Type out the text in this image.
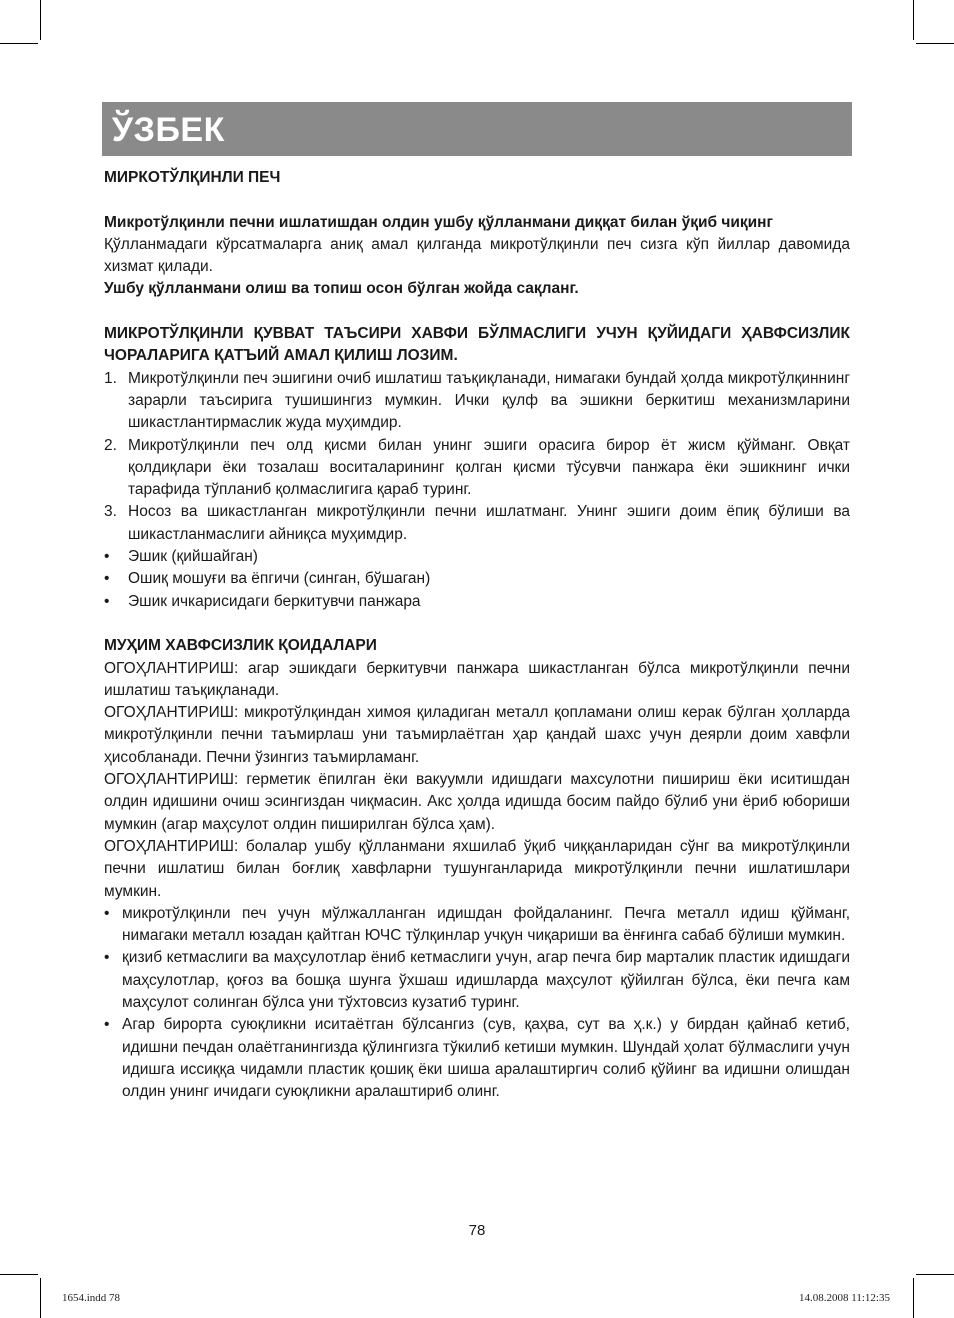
ЎЗБЕК

МИРКОТЎЛҚИНЛИ ПЕЧ

Микротўлқинли печни ишлатишдан олдин ушбу қўлланмани диққат билан ўқиб чиқинг

Қўлланмадаги кўрсатмаларга аниқ амал қилганда микротўлқинли печ сизга кўп йиллар давомида хизмат қилади.

Ушбу қўлланмани олиш ва топиш осон бўлган жойда сақланг.

МИКРОТЎЛҚИНЛИ ҚУВВАТ ТАЪСИРИ ХАВФИ БЎЛМАСЛИГИ УЧУН ҚУЙИДАГИ ҲАВФСИЗЛИК ЧОРАЛАРИГА ҚАТЪИЙ АМАЛ ҚИЛИШ ЛОЗИМ.

1. Микротўлқинли печ эшигини очиб ишлатиш таъқиқланади, нимагаки бундай ҳолда микротўлқиннинг зарарли таъсирига тушишингиз мумкин. Ички қулф ва эшикни беркитиш механизмларини шикастлантирмаслик жуда муҳимдир.
2. Микротўлқинли печ олд қисми билан унинг эшиги орасига бирор ёт жисм қўйманг. Овқат қолдиқлари ёки тозалаш воситаларининг қолган қисми тўсувчи панжара ёки эшикнинг ички тарафида тўпланиб қолмаслигига қараб туринг.
3. Носоз ва шикастланган микротўлқинли печни ишлатманг. Унинг эшиги доим ёпиқ бўлиши ва шикастланмаслиги айниқса муҳимдир.
• Эшик (қийшайган)
• Ошиқ мошуғи ва ёпгичи (синган, бўшаган)
• Эшик ичкарисидаги беркитувчи панжара

МУҲИМ ХАВФСИЗЛИК ҚОИДАЛАРИ

ОГОҲЛАНТИРИШ: агар эшикдаги беркитувчи панжара шикастланган бўлса микротўлқинли печни ишлатиш таъқиқланади.

ОГОҲЛАНТИРИШ: микротўлқиндан химоя қиладиган металл қопламани олиш керак бўлган ҳолларда микротўлқинли печни таъмирлаш уни таъмирлаётган ҳар қандай шахс учун деярли доим хавфли ҳисобланади. Печни ўзингиз таъмирламанг.

ОГОҲЛАНТИРИШ: герметик ёпилган ёки вакуумли идишдаги махсулотни пишириш ёки иситишдан олдин идишини очиш эсингиздан чиқмасин. Акс ҳолда идишда босим пайдо бўлиб уни ёриб юбориши мумкин (агар маҳсулот олдин пиширилган бўлса ҳам).

ОГОҲЛАНТИРИШ: болалар ушбу қўлланмани яхшилаб ўқиб чиққанларидан сўнг ва микротўлқинли печни ишлатиш билан боғлиқ хавфларни тушунганларида микротўлқинли печни ишлатишлари мумкин.

• микротўлқинли печ учун мўлжалланган идишдан фойдаланинг. Печга металл идиш қўйманг, нимагаки металл юзадан қайтган ЮЧС тўлқинлар учқун чиқариши ва ёнғинга сабаб бўлиши мумкин.
• қизиб кетмаслиги ва маҳсулотлар ёниб кетмаслиги учун, агар печга бир марталик пластик идишдаги маҳсулотлар, қоғоз ва бошқа шунга ўхшаш идишларда маҳсулот қўйилган бўлса, ёки печга кам маҳсулот солинган бўлса уни тўхтовсиз кузатиб туринг.
• Агар бирорта суюқликни иситаётган бўлсангиз (сув, қаҳва, сут ва ҳ.к.) у бирдан қайнаб кетиб, идишни печдан олаётганингизда қўлингизга тўкилиб кетиши мумкин. Шундай ҳолат бўлмаслиги учун идишга иссиққа чидамли пластик қошиқ ёки шиша аралаштиргич солиб қўйинг ва идишни олишдан олдин унинг ичидаги суюқликни аралаштириб олинг.
78
1654.indd 78	14.08.2008 11:12:35
